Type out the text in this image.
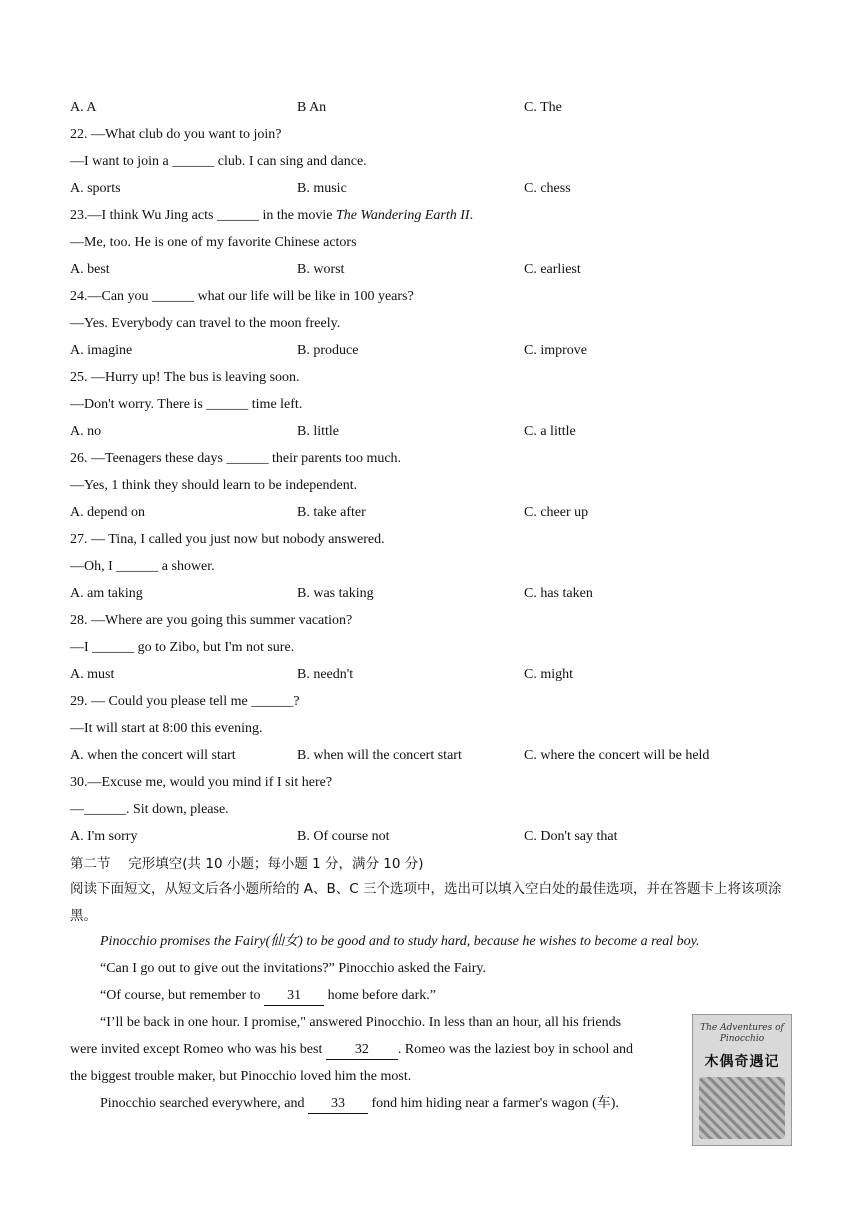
A. A	B An	C. The
22. —What club do you want to join?
—I want to join a ______ club. I can sing and dance.
A. sports	B. music	C. chess
23.—I think Wu Jing acts ______ in the movie The Wandering Earth II.
—Me, too. He is one of my favorite Chinese actors
A. best	B. worst	C. earliest
24.—Can you ______ what our life will be like in 100 years?
—Yes. Everybody can travel to the moon freely.
A. imagine	B. produce	C. improve
25. —Hurry up! The bus is leaving soon.
—Don't worry. There is ______ time left.
A. no	B. little	C. a little
26. —Teenagers these days ______ their parents too much.
—Yes, 1 think they should learn to be independent.
A. depend on	B. take after	C. cheer up
27. — Tina, I called you just now but nobody answered.
—Oh, I ______ a shower.
A. am taking	B. was taking	C. has taken
28. —Where are you going this summer vacation?
—I ______ go to Zibo, but I'm not sure.
A. must	B. needn't	C. might
29. — Could you please tell me ______?
—It will start at 8:00 this evening.
A. when the concert will start	B. when will the concert start	C. where the concert will be held
30.—Excuse me, would you mind if I sit here?
—______. Sit down, please.
A. I'm sorry	B. Of course not	C. Don't say that
第二节　 完形填空(共 10 小题；每小题 1 分，满分 10 分)
阅读下面短文，从短文后各小题所给的 A、B、C 三个选项中，选出可以填入空白处的最佳选项，并在答题卡上将该项涂黑。
Pinocchio promises the Fairy(仙女) to be good and to study hard, because he wishes to become a real boy.
“Can I go out to give out the invitations?” Pinocchio asked the Fairy.
“Of course, but remember to 31 home before dark.”
“I’ll be back in one hour. I promise," answered Pinocchio. In less than an hour, all his friends
were invited except Romeo who was his best 32 . Romeo was the laziest boy in school and
the biggest trouble maker, but Pinocchio loved him the most.
Pinocchio searched everywhere, and 33 fond him hiding near a farmer's wagon (车).
The Adventures of Pinocchio
木偶奇遇记
